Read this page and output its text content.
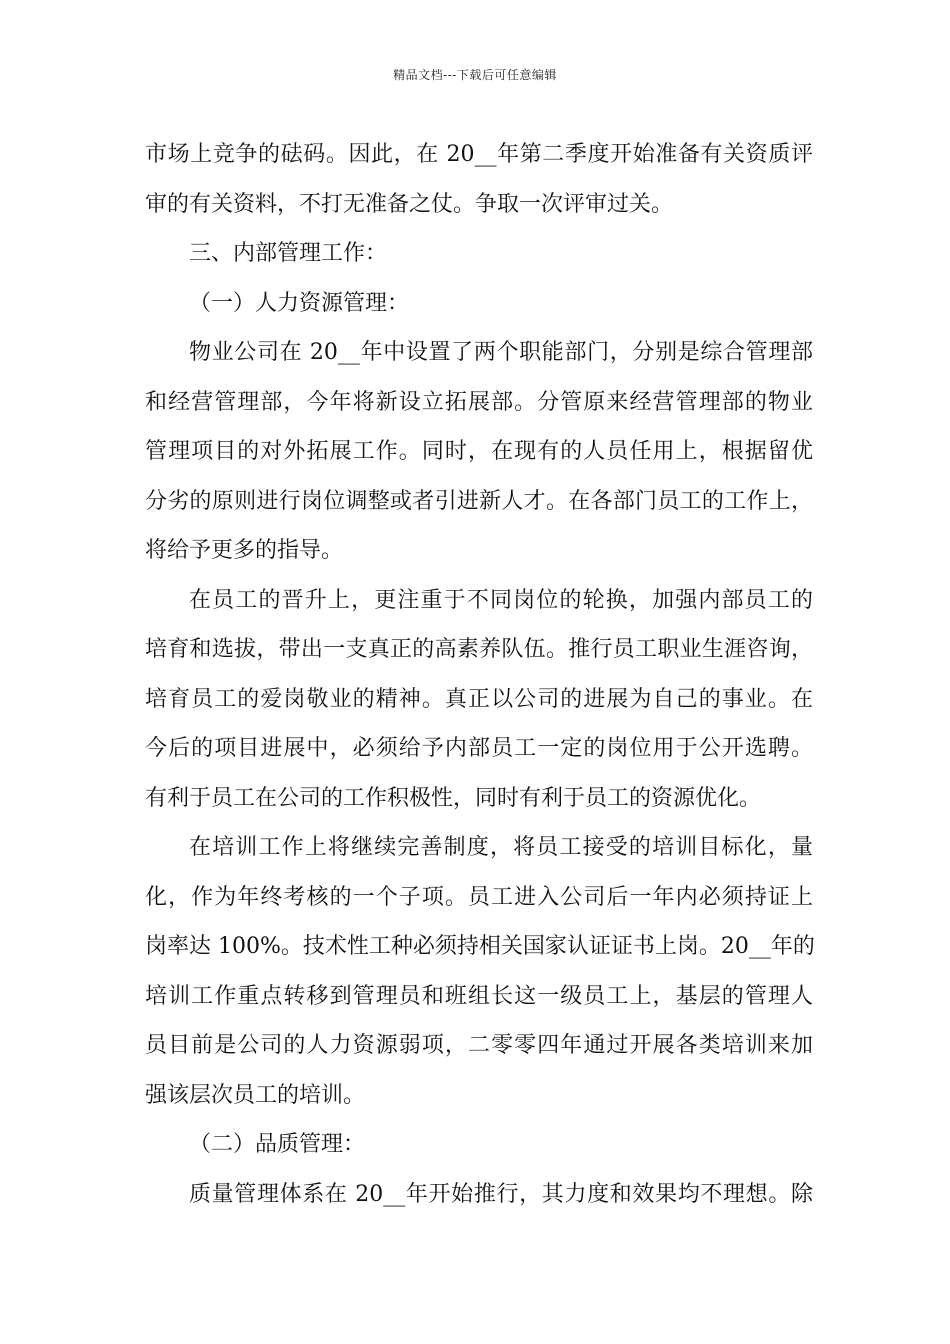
精品文档---下载后可任意编辑
市场上竞争的砝码。因此，在 20__年第二季度开始准备有关资质评
审的有关资料，不打无准备之仗。争取一次评审过关。
三、内部管理工作：
（一）人力资源管理：
物业公司在 20__年中设置了两个职能部门，分别是综合管理部
和经营管理部，今年将新设立拓展部。分管原来经营管理部的物业
管理项目的对外拓展工作。同时，在现有的人员任用上，根据留优
分劣的原则进行岗位调整或者引进新人才。在各部门员工的工作上，
将给予更多的指导。
在员工的晋升上，更注重于不同岗位的轮换，加强内部员工的
培育和选拔，带出一支真正的高素养队伍。推行员工职业生涯咨询，
培育员工的爱岗敬业的精神。真正以公司的进展为自己的事业。在
今后的项目进展中，必须给予内部员工一定的岗位用于公开选聘。
有利于员工在公司的工作积极性，同时有利于员工的资源优化。
在培训工作上将继续完善制度，将员工接受的培训目标化，量
化，作为年终考核的一个子项。员工进入公司后一年内必须持证上
岗率达 100%。技术性工种必须持相关国家认证证书上岗。20__年的
培训工作重点转移到管理员和班组长这一级员工上，基层的管理人
员目前是公司的人力资源弱项，二零零四年通过开展各类培训来加
强该层次员工的培训。
（二）品质管理：
质量管理体系在 20__年开始推行，其力度和效果均不理想。除
